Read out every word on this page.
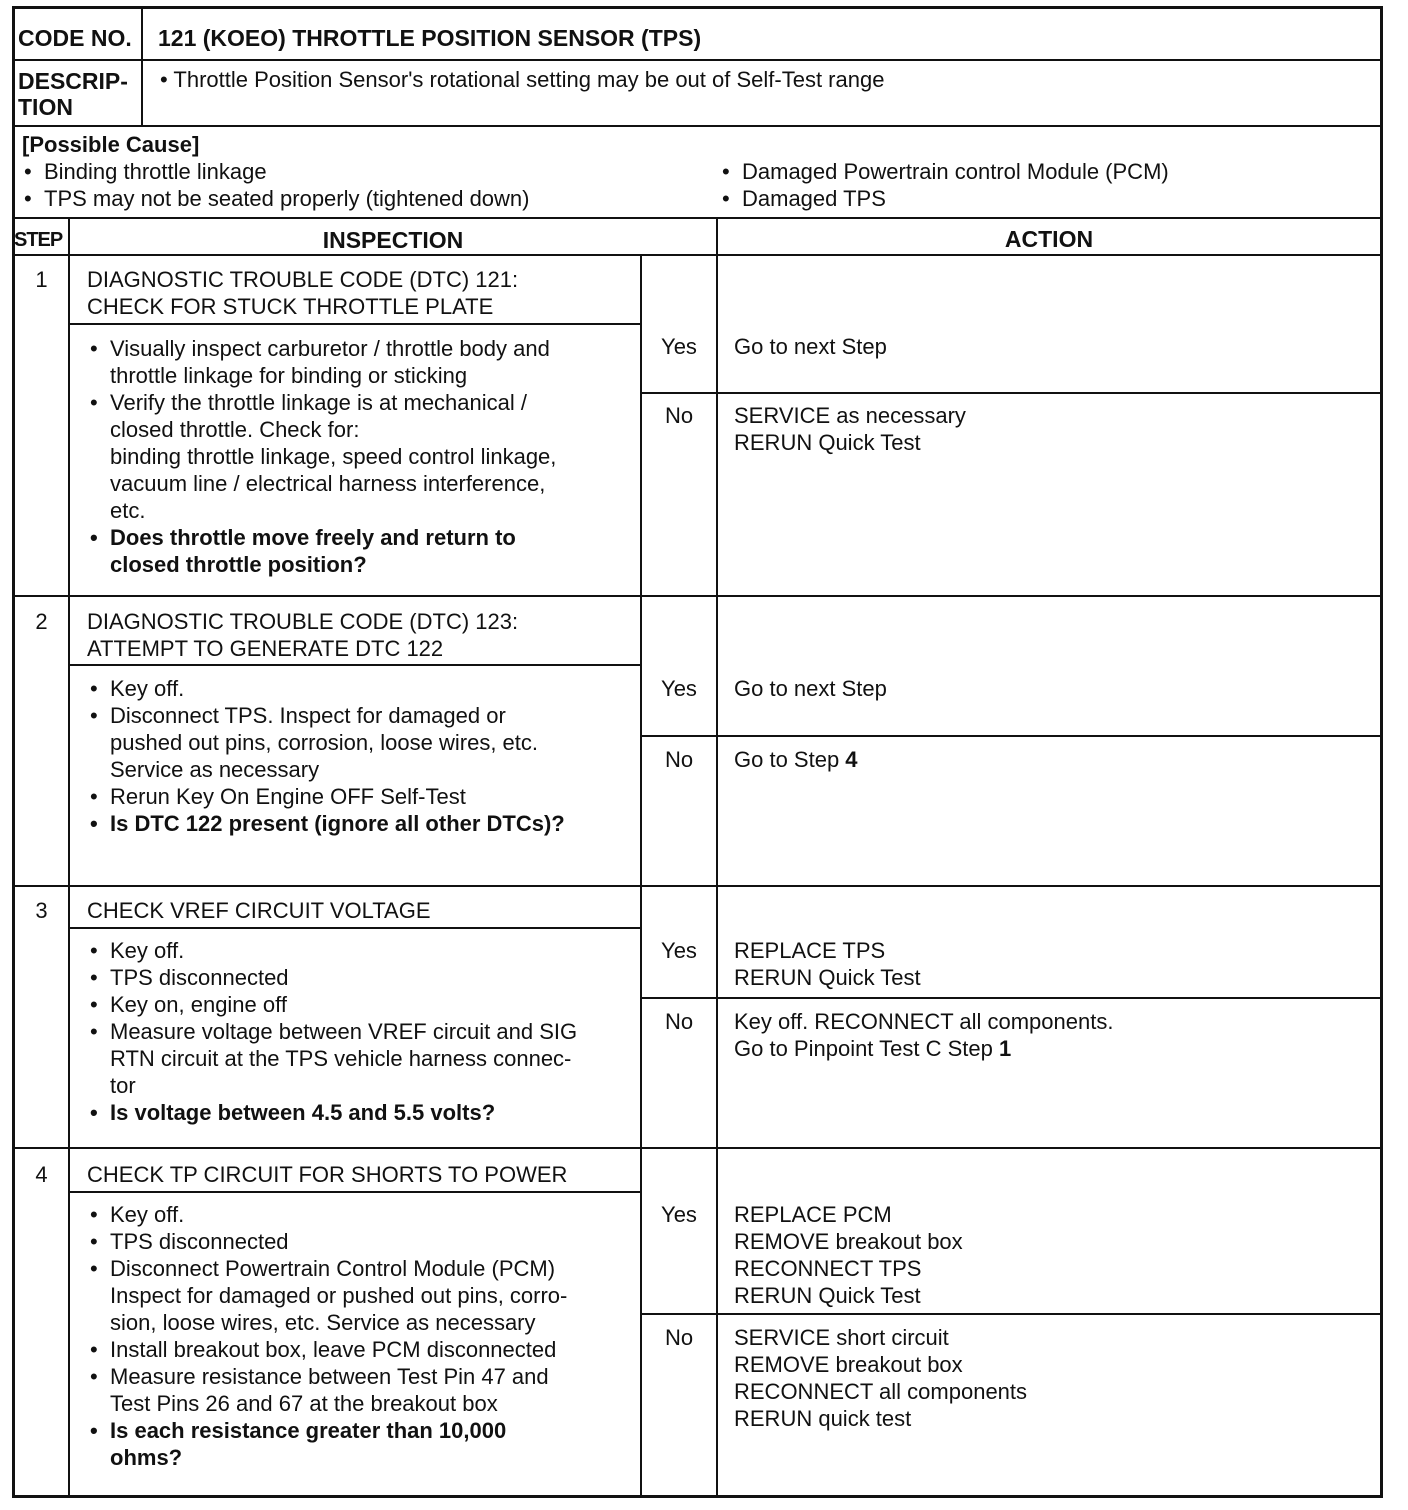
CODE NO. 121 (KOEO) THROTTLE POSITION SENSOR (TPS)
DESCRIP-
TION
• Throttle Position Sensor's rotational setting may be out of Self-Test range
[Possible Cause]
• Binding throttle linkage
• TPS may not be seated properly (tightened down)
• Damaged Powertrain control Module (PCM)
• Damaged TPS
STEP	INSPECTION	ACTION
1	DIAGNOSTIC TROUBLE CODE (DTC) 121:
CHECK FOR STUCK THROTTLE PLATE
• Visually inspect carburetor / throttle body and
throttle linkage for binding or sticking
• Verify the throttle linkage is at mechanical /
closed throttle. Check for:
binding throttle linkage, speed control linkage,
vacuum line / electrical harness interference,
etc.
• Does throttle move freely and return to
closed throttle position?
Yes	Go to next Step
No	SERVICE as necessary
RERUN Quick Test
2	DIAGNOSTIC TROUBLE CODE (DTC) 123:
ATTEMPT TO GENERATE DTC 122
• Key off.
• Disconnect TPS. Inspect for damaged or
pushed out pins, corrosion, loose wires, etc.
Service as necessary
• Rerun Key On Engine OFF Self-Test
• Is DTC 122 present (ignore all other DTCs)?
Yes	Go to next Step
No	Go to Step 4
3	CHECK VREF CIRCUIT VOLTAGE
• Key off.
• TPS disconnected
• Key on, engine off
• Measure voltage between VREF circuit and SIG
RTN circuit at the TPS vehicle harness connec-
tor
• Is voltage between 4.5 and 5.5 volts?
Yes	REPLACE TPS
RERUN Quick Test
No	Key off. RECONNECT all components.
Go to Pinpoint Test C Step 1
4	CHECK TP CIRCUIT FOR SHORTS TO POWER
• Key off.
• TPS disconnected
• Disconnect Powertrain Control Module (PCM)
Inspect for damaged or pushed out pins, corro-
sion, loose wires, etc. Service as necessary
• Install breakout box, leave PCM disconnected
• Measure resistance between Test Pin 47 and
Test Pins 26 and 67 at the breakout box
• Is each resistance greater than 10,000
ohms?
Yes	REPLACE PCM
REMOVE breakout box
RECONNECT TPS
RERUN Quick Test
No	SERVICE short circuit
REMOVE breakout box
RECONNECT all components
RERUN quick test
